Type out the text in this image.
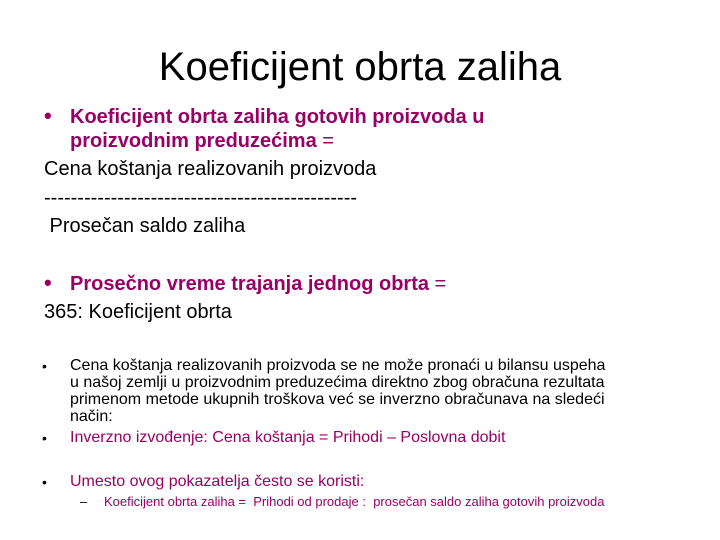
Koeficijent obrta zaliha
• Koeficijent obrta zaliha gotovih proizvoda u
proizvodnim preduzećima =
Cena koštanja realizovanih proizvoda
-----------------------------------------------
Prosečan saldo zaliha
• Prosečno vreme trajanja jednog obrta =
365: Koeficijent obrta
• Cena koštanja realizovanih proizvoda se ne može pronaći u bilansu uspeha
u našoj zemlji u proizvodnim preduzećima direktno zbog obračuna rezultata
primenom metode ukupnih troškova već se inverzno obračunava na sledeći
način:
• Inverzno izvođenje: Cena koštanja = Prihodi – Poslovna dobit
• Umesto ovog pokazatelja često se koristi:
– Koeficijent obrta zaliha =  Prihodi od prodaje :  prosečan saldo zaliha gotovih proizvoda
